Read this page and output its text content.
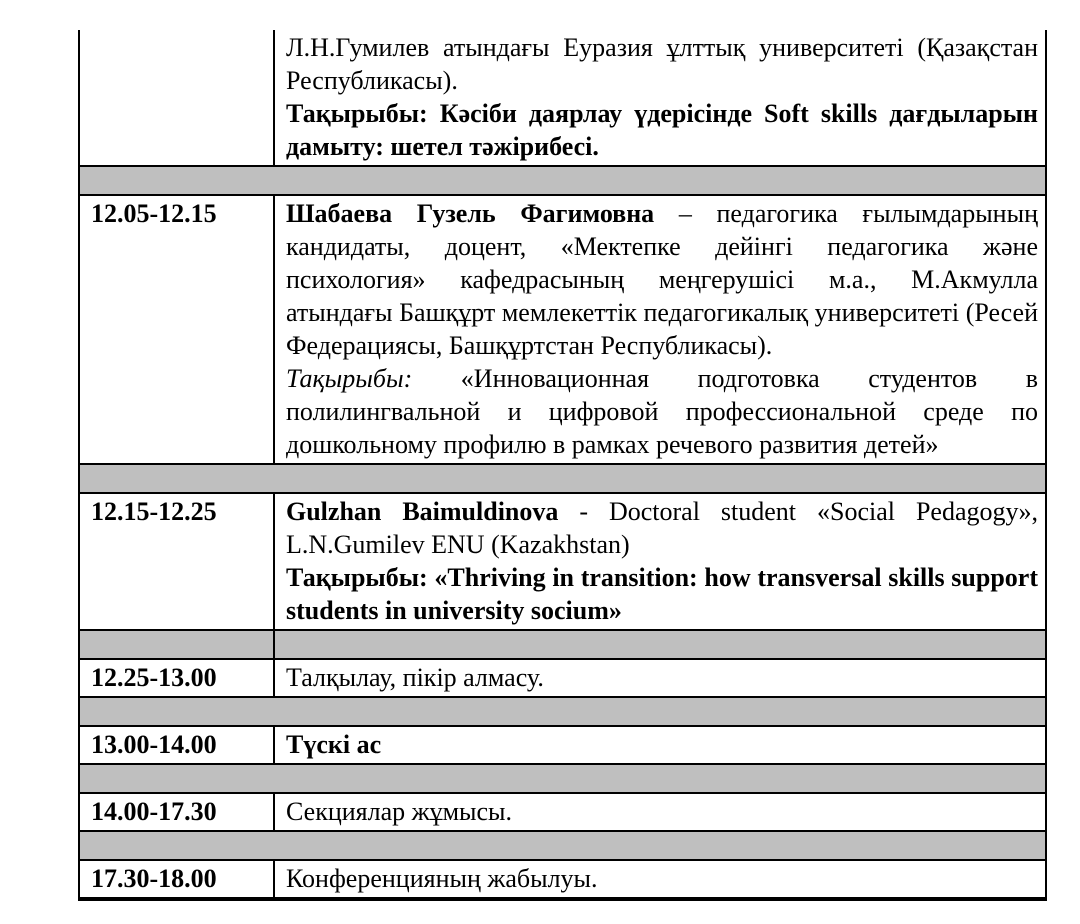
Л.Н.Гумилев атындағы Еуразия ұлттық университеті (Қазақстан Республикасы).

Тақырыбы: Кәсіби даярлау үдерісінде Soft skills дағдыларын дамыту: шетел тәжірибесі.

12.05-12.15	Шабаева Гузель Фагимовна – педагогика ғылымдарының кандидаты, доцент, «Мектепке дейінгі педагогика және психология» кафедрасының меңгерушісі м.а., М.Акмулла атындағы Башқұрт мемлекеттік педагогикалық университеті (Ресей Федерациясы, Башқұртстан Республикасы).

Тақырыбы: «Инновационная подготовка студентов в полилингвальной и цифровой профессиональной среде по дошкольному профилю в рамках речевого развития детей»

12.15-12.25	Gulzhan Baimuldinova - Doctoral student «Social Pedagogy», L.N.Gumilev ENU (Kazakhstan)

Тақырыбы: «Thriving in transition: how transversal skills support students in university socium»

12.25-13.00	Талқылау, пікір алмасу.

13.00-14.00	Түскі ас

14.00-17.30	Секциялар жұмысы.

17.30-18.00	Конференцияның жабылуы.
